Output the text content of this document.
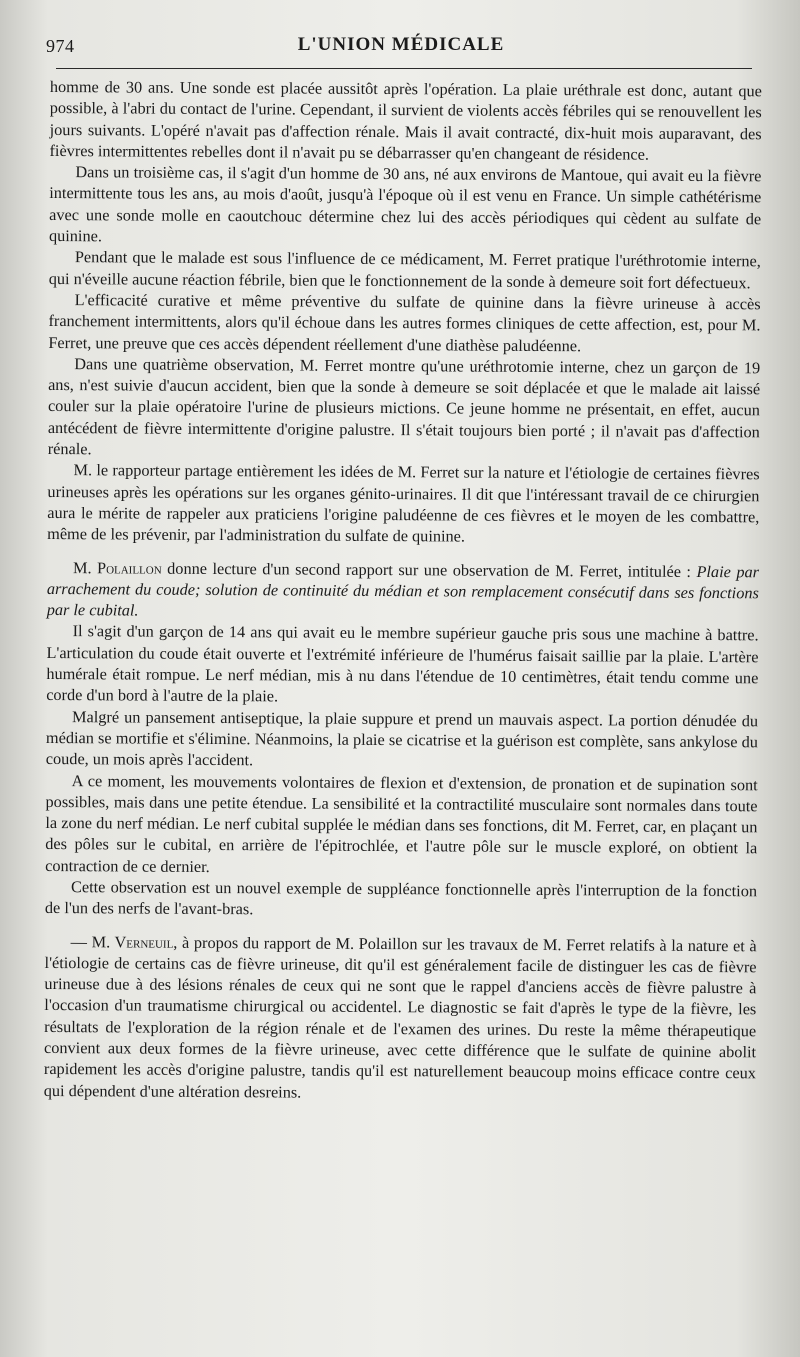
974	L'UNION MÉDICALE

homme de 30 ans. Une sonde est placée aussitôt après l'opération. La plaie uréthrale est donc, autant que possible, à l'abri du contact de l'urine. Cependant, il survient de violents accès fébriles qui se renouvellent les jours suivants. L'opéré n'avait pas d'affection rénale. Mais il avait contracté, dix-huit mois auparavant, des fièvres intermittentes rebelles dont il n'avait pu se débarrasser qu'en changeant de résidence.

Dans un troisième cas, il s'agit d'un homme de 30 ans, né aux environs de Mantoue, qui avait eu la fièvre intermittente tous les ans, au mois d'août, jusqu'à l'époque où il est venu en France. Un simple cathétérisme avec une sonde molle en caoutchouc détermine chez lui des accès périodiques qui cèdent au sulfate de quinine.

Pendant que le malade est sous l'influence de ce médicament, M. Ferret pratique l'uréthrotomie interne, qui n'éveille aucune réaction fébrile, bien que le fonctionnement de la sonde à demeure soit fort défectueux.

L'efficacité curative et même préventive du sulfate de quinine dans la fièvre urineuse à accès franchement intermittents, alors qu'il échoue dans les autres formes cliniques de cette affection, est, pour M. Ferret, une preuve que ces accès dépendent réellement d'une diathèse paludéenne.

Dans une quatrième observation, M. Ferret montre qu'une uréthrotomie interne, chez un garçon de 19 ans, n'est suivie d'aucun accident, bien que la sonde à demeure se soit déplacée et que le malade ait laissé couler sur la plaie opératoire l'urine de plusieurs mictions. Ce jeune homme ne présentait, en effet, aucun antécédent de fièvre intermittente d'origine palustre. Il s'était toujours bien porté ; il n'avait pas d'affection rénale.

M. le rapporteur partage entièrement les idées de M. Ferret sur la nature et l'étiologie de certaines fièvres urineuses après les opérations sur les organes génito-urinaires. Il dit que l'intéressant travail de ce chirurgien aura le mérite de rappeler aux praticiens l'origine paludéenne de ces fièvres et le moyen de les combattre, même de les prévenir, par l'administration du sulfate de quinine.

M. Polaillon donne lecture d'un second rapport sur une observation de M. Ferret, intitulée : Plaie par arrachement du coude; solution de continuité du médian et son remplacement consécutif dans ses fonctions par le cubital.

Il s'agit d'un garçon de 14 ans qui avait eu le membre supérieur gauche pris sous une machine à battre. L'articulation du coude était ouverte et l'extrémité inférieure de l'humérus faisait saillie par la plaie. L'artère humérale était rompue. Le nerf médian, mis à nu dans l'étendue de 10 centimètres, était tendu comme une corde d'un bord à l'autre de la plaie.

Malgré un pansement antiseptique, la plaie suppure et prend un mauvais aspect. La portion dénudée du médian se mortifie et s'élimine. Néanmoins, la plaie se cicatrise et la guérison est complète, sans ankylose du coude, un mois après l'accident.

A ce moment, les mouvements volontaires de flexion et d'extension, de pronation et de supination sont possibles, mais dans une petite étendue. La sensibilité et la contractilité musculaire sont normales dans toute la zone du nerf médian. Le nerf cubital supplée le médian dans ses fonctions, dit M. Ferret, car, en plaçant un des pôles sur le cubital, en arrière de l'épitrochlée, et l'autre pôle sur le muscle exploré, on obtient la contraction de ce dernier.

Cette observation est un nouvel exemple de suppléance fonctionnelle après l'interruption de la fonction de l'un des nerfs de l'avant-bras.

— M. Verneuil, à propos du rapport de M. Polaillon sur les travaux de M. Ferret relatifs à la nature et à l'étiologie de certains cas de fièvre urineuse, dit qu'il est généralement facile de distinguer les cas de fièvre urineuse due à des lésions rénales de ceux qui ne sont que le rappel d'anciens accès de fièvre palustre à l'occasion d'un traumatisme chirurgical ou accidentel. Le diagnostic se fait d'après le type de la fièvre, les résultats de l'exploration de la région rénale et de l'examen des urines. Du reste la même thérapeutique convient aux deux formes de la fièvre urineuse, avec cette différence que le sulfate de quinine abolit rapidement les accès d'origine palustre, tandis qu'il est naturellement beaucoup moins efficace contre ceux qui dépendent d'une altération desreins.
